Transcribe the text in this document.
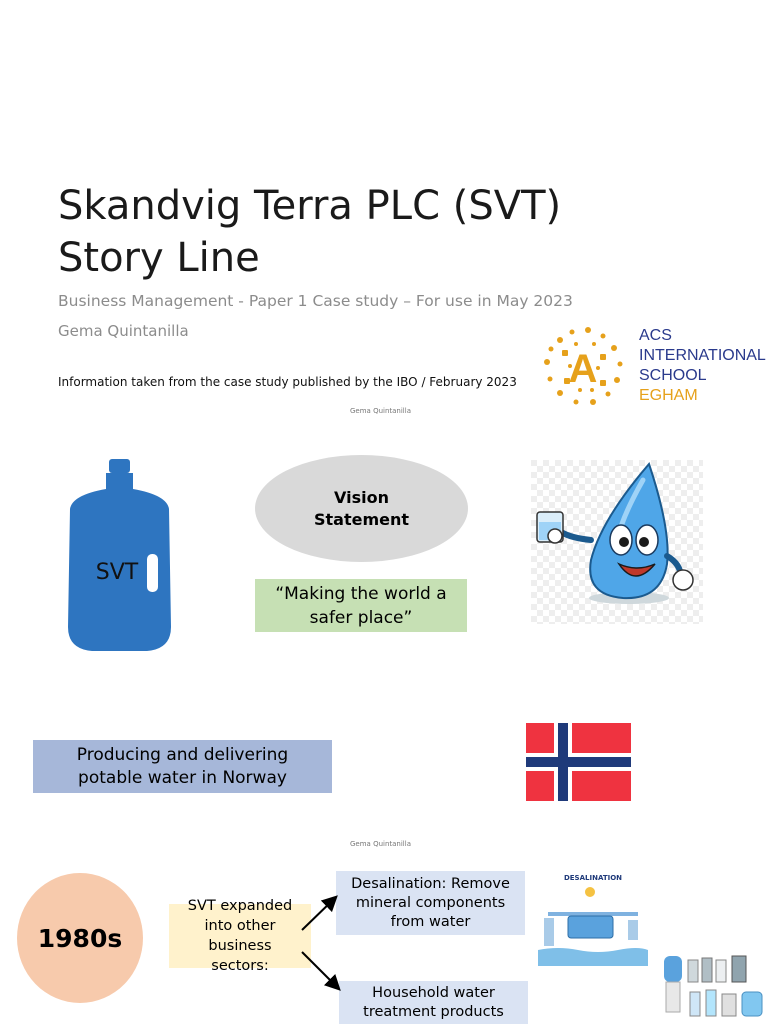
Skandvig Terra PLC (SVT)
Story Line
Business Management - Paper 1 Case study – For use in May 2023
Gema Quintanilla
Information taken from the case study published by the IBO / February 2023
Gema Quintanilla
A
ACS
INTERNATIONAL
SCHOOL
EGHAM
SVT
Vision Statement
“Making the world a safer place”
Producing and delivering potable water in Norway
Gema Quintanilla
1980s
SVT expanded into other business sectors:
Desalination: Remove mineral components from water
Household water treatment products
DESALINATION
